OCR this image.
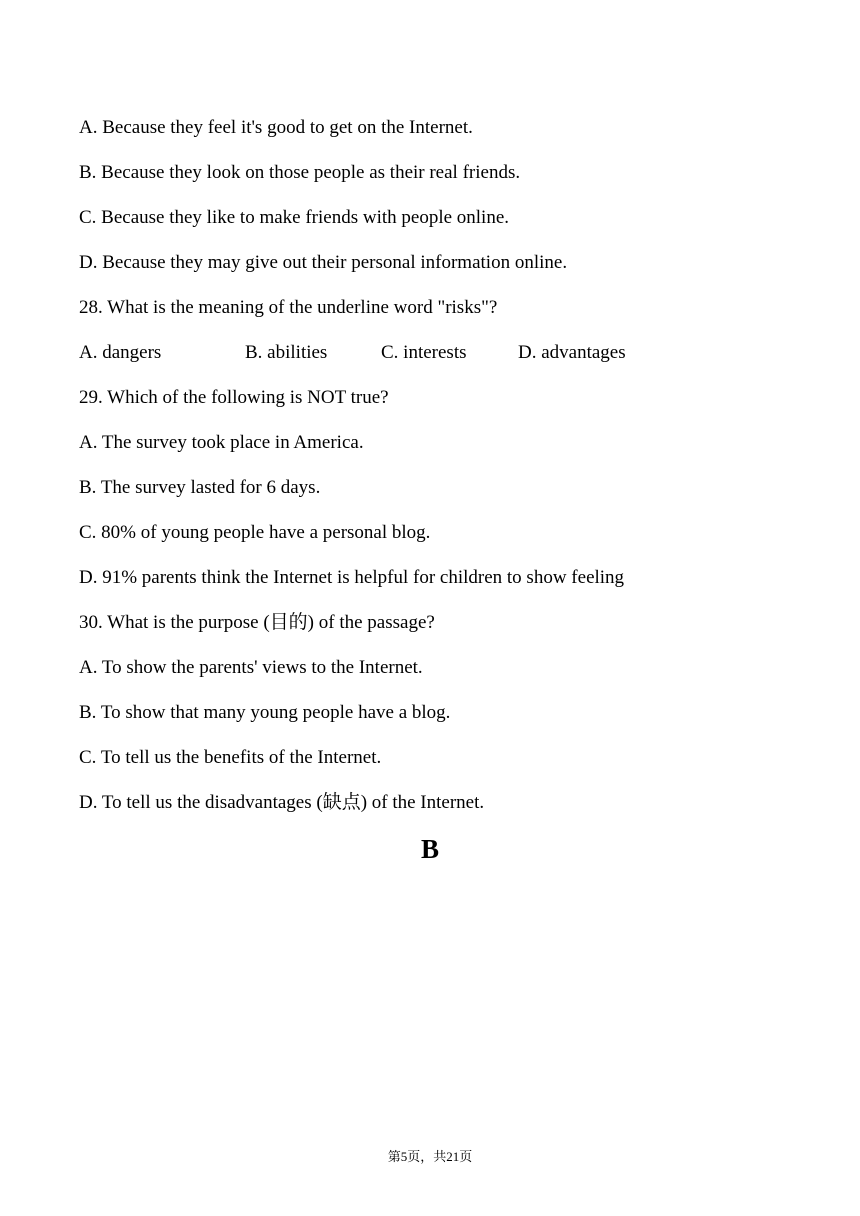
A. Because they feel it's good to get on the Internet.
B. Because they look on those people as their real friends.
C. Because they like to make friends with people online.
D. Because they may give out their personal information online.
28. What is the meaning of the underline word "risks"?
A. dangers	B. abilities	C. interests	D. advantages
29. Which of the following is NOT true?
A. The survey took place in America.
B. The survey lasted for 6 days.
C. 80% of young people have a personal blog.
D. 91% parents think the Internet is helpful for children to show feeling
30. What is the purpose (目的) of the passage?
A. To show the parents' views to the Internet.
B. To show that many young people have a blog.
C. To tell us the benefits of the Internet.
D. To tell us the disadvantages (缺点) of the Internet.
B
第5页，共21页
